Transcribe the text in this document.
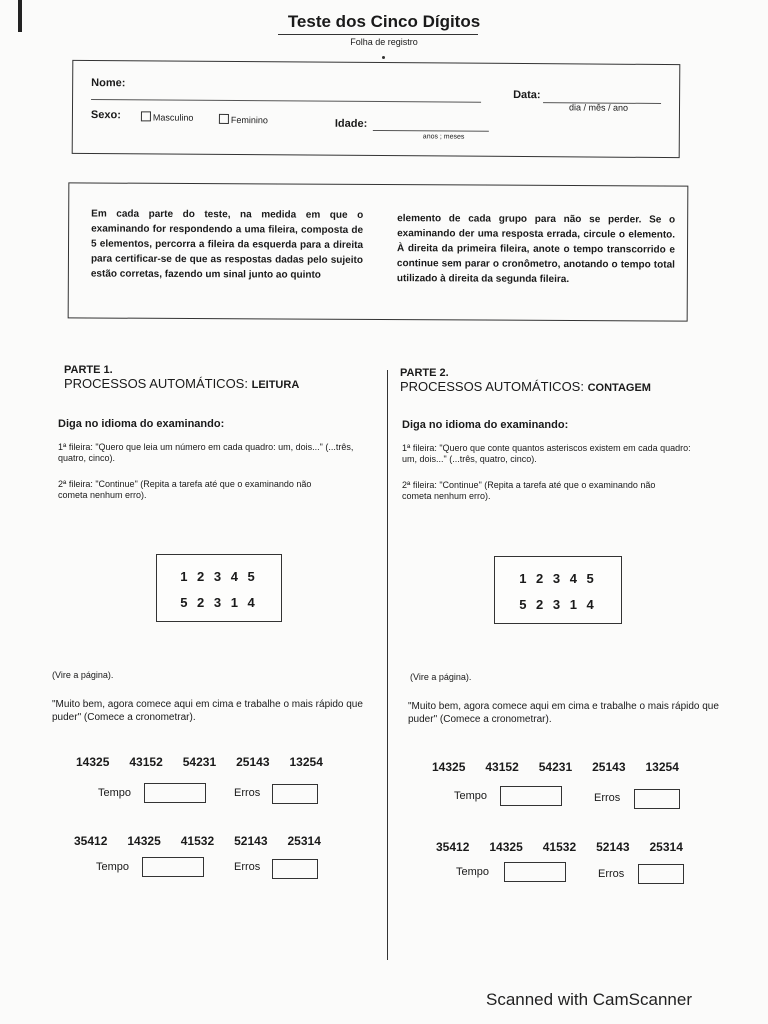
Teste dos Cinco Dígitos
Folha de registro
Nome:
Data:
dia / mês / ano
Sexo:	Masculino	Feminino	Idade:
anos ; meses
Em cada parte do teste, na medida em que o examinando for respondendo a uma fileira, composta de 5 elementos, percorra a fileira da esquerda para a direita para certificar-se de que as respostas dadas pelo sujeito estão corretas, fazendo um sinal junto ao quinto
elemento de cada grupo para não se perder. Se o examinando der uma resposta errada, circule o elemento. À direita da primeira fileira, anote o tempo transcorrido e continue sem parar o cronômetro, anotando o tempo total utilizado à direita da segunda fileira.
PARTE 1.
PROCESSOS AUTOMÁTICOS: LEITURA
Diga no idioma do examinando:
1ª fileira: "Quero que leia um número em cada quadro: um, dois..." (...três, quatro, cinco).
2ª fileira: "Continue" (Repita a tarefa até que o examinando não cometa nenhum erro).
1 2 3 4 5
5 2 3 1 4
(Vire a página).
"Muito bem, agora comece aqui em cima e trabalhe o mais rápido que puder" (Comece a cronometrar).
14325 43152 54231 25143 13254
Tempo	Erros
35412 14325 41532 52143 25314
Tempo	Erros
PARTE 2.
PROCESSOS AUTOMÁTICOS: CONTAGEM
Diga no idioma do examinando:
1ª fileira: "Quero que conte quantos asteriscos existem em cada quadro: um, dois..." (...três, quatro, cinco).
2ª fileira: "Continue" (Repita a tarefa até que o examinando não cometa nenhum erro).
1 2 3 4 5
5 2 3 1 4
(Vire a página).
"Muito bem, agora comece aqui em cima e trabalhe o mais rápido que puder" (Comece a cronometrar).
14325 43152 54231 25143 13254
Tempo	Erros
35412 14325 41532 52143 25314
Tempo	Erros
Scanned with CamScanner
